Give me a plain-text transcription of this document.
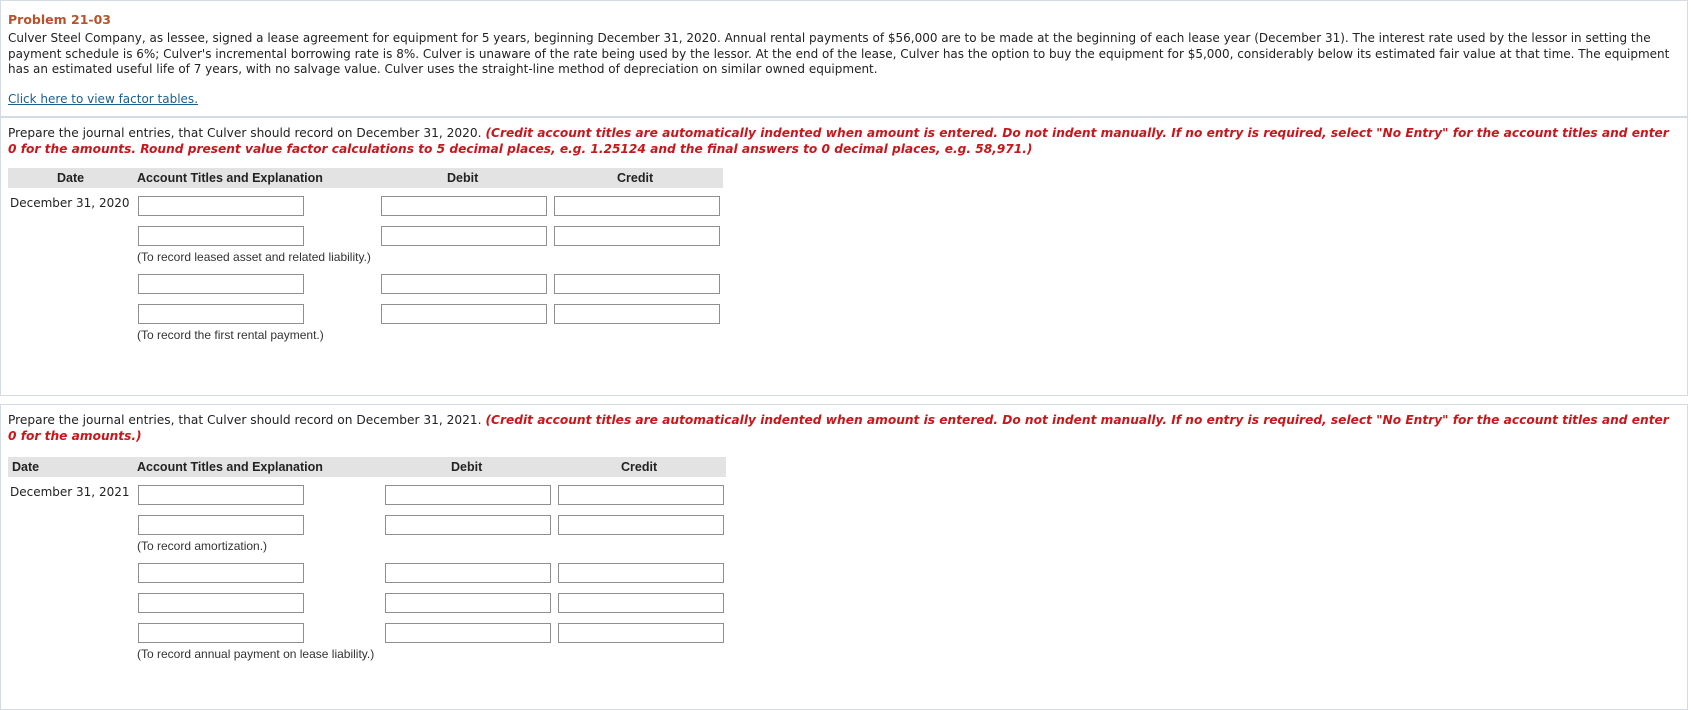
Problem 21-03
Culver Steel Company, as lessee, signed a lease agreement for equipment for 5 years, beginning December 31, 2020. Annual rental payments of $56,000 are to be made at the beginning of each lease year (December 31). The interest rate used by the lessor in setting the payment schedule is 6%; Culver's incremental borrowing rate is 8%. Culver is unaware of the rate being used by the lessor. At the end of the lease, Culver has the option to buy the equipment for $5,000, considerably below its estimated fair value at that time. The equipment has an estimated useful life of 7 years, with no salvage value. Culver uses the straight-line method of depreciation on similar owned equipment.
Click here to view factor tables.
Prepare the journal entries, that Culver should record on December 31, 2020. (Credit account titles are automatically indented when amount is entered. Do not indent manually. If no entry is required, select "No Entry" for the account titles and enter 0 for the amounts. Round present value factor calculations to 5 decimal places, e.g. 1.25124 and the final answers to 0 decimal places, e.g. 58,971.)
Date	Account Titles and Explanation	Debit	Credit
December 31, 2020
(To record leased asset and related liability.)
(To record the first rental payment.)
Prepare the journal entries, that Culver should record on December 31, 2021. (Credit account titles are automatically indented when amount is entered. Do not indent manually. If no entry is required, select "No Entry" for the account titles and enter 0 for the amounts.)
Date	Account Titles and Explanation	Debit	Credit
December 31, 2021
(To record amortization.)
(To record annual payment on lease liability.)
